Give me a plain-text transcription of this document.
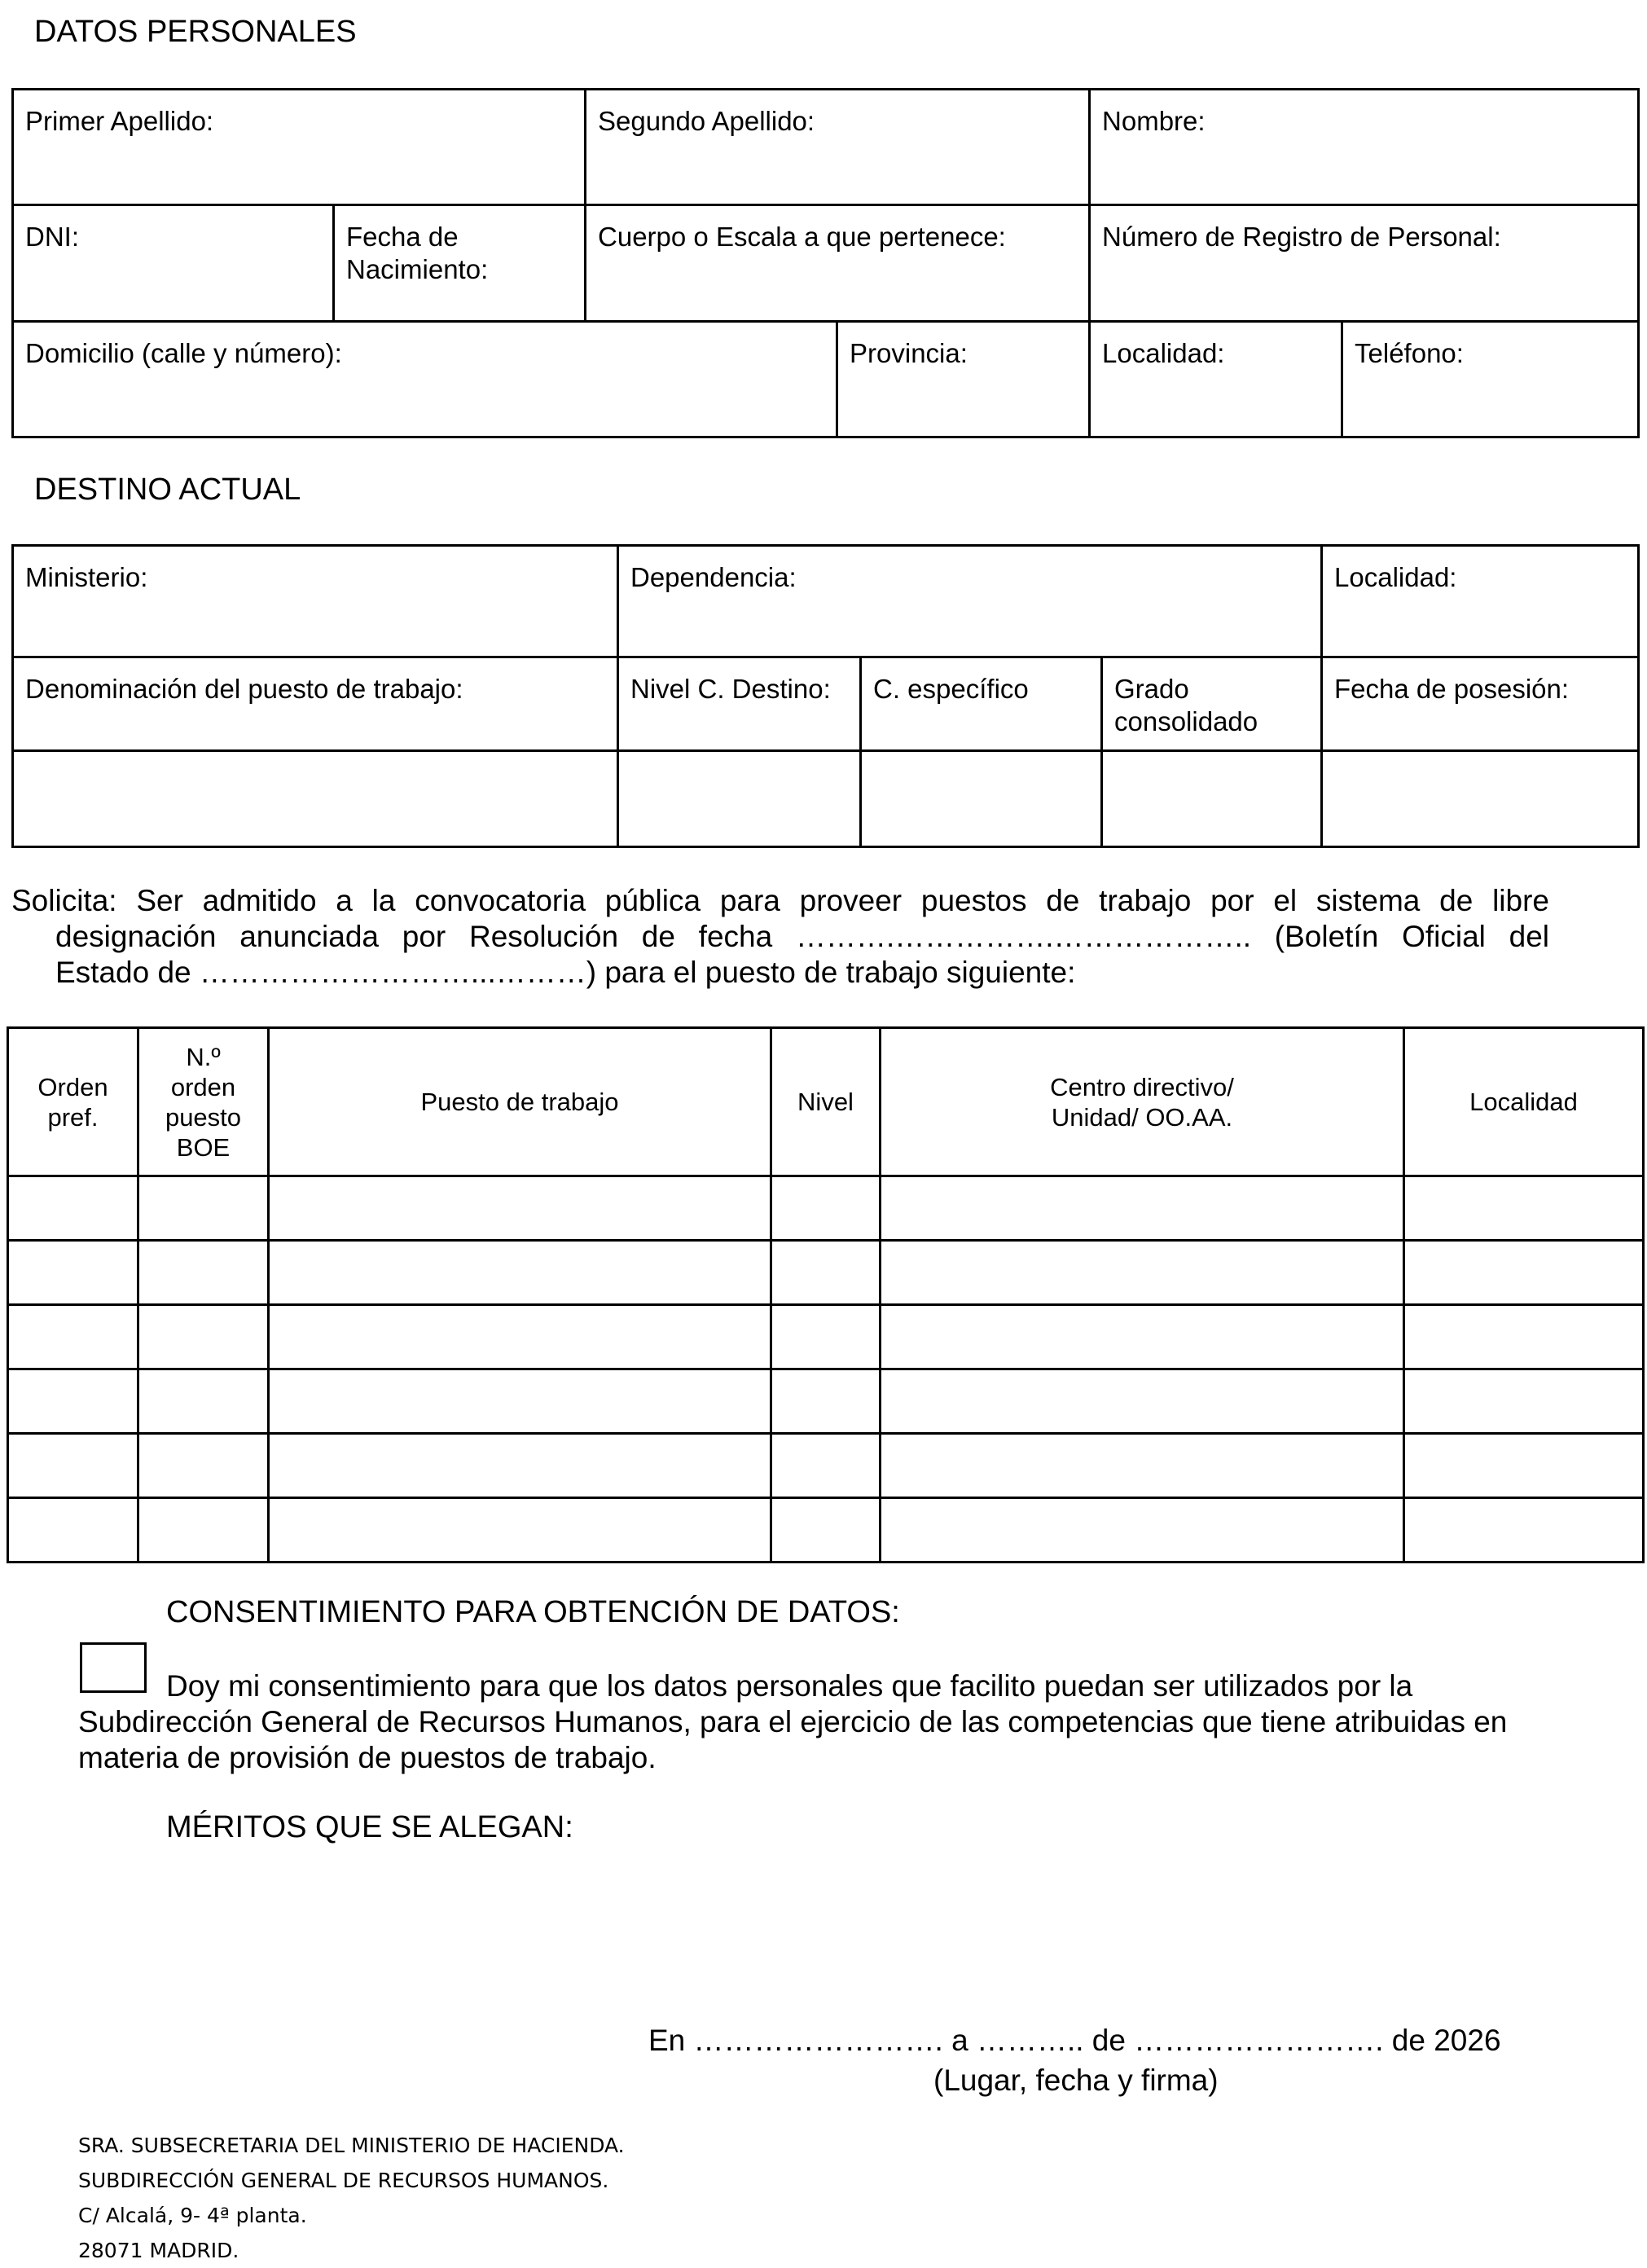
DATOS PERSONALES
Primer Apellido:		Segundo Apellido:		Nombre:	
DNI:	Fecha de Nacimiento:	Cuerpo o Escala a que pertenece:		Número de Registro de Personal:	
Domicilio (calle y número):			Provincia:	Localidad:	Teléfono:
DESTINO ACTUAL
Ministerio:	Dependencia:			Localidad:
Denominación del puesto de trabajo:	Nivel C. Destino:	C. específico	Grado consolidado	Fecha de posesión:

Solicita: Ser admitido a la convocatoria pública para proveer puestos de trabajo por el sistema de libre
designación anunciada por Resolución de fecha ……….…………….……………….. (Boletín Oficial del
Estado de ………………………...………) para el puesto de trabajo siguiente:
Orden pref.	N.º orden puesto BOE	Puesto de trabajo	Nivel	Centro directivo/ Unidad/ OO.AA.	Localidad

CONSENTIMIENTO PARA OBTENCIÓN DE DATOS:
Doy mi consentimiento para que los datos personales que facilito puedan ser utilizados por la
Subdirección General de Recursos Humanos, para el ejercicio de las competencias que tiene atribuidas en
materia de provisión de puestos de trabajo.
MÉRITOS QUE SE ALEGAN:
En ……………………. a ……….. de ……………………. de 2026
(Lugar, fecha y firma)
SRA. SUBSECRETARIA DEL MINISTERIO DE HACIENDA.
SUBDIRECCIÓN GENERAL DE RECURSOS HUMANOS.
C/ Alcalá, 9- 4ª planta.
28071 MADRID.
